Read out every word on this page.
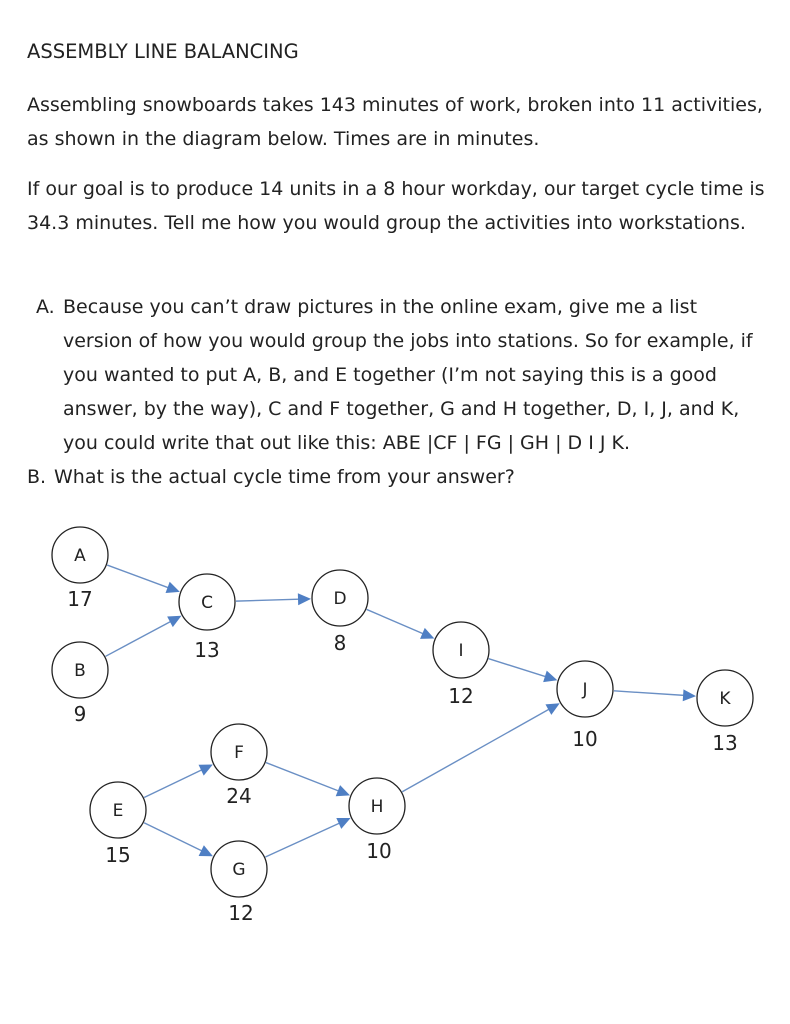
ASSEMBLY LINE BALANCING
Assembling snowboards takes 143 minutes of work, broken into 11 activities, as shown in the diagram below. Times are in minutes.
If our goal is to produce 14 units in a 8 hour workday, our target cycle time is 34.3 minutes. Tell me how you would group the activities into workstations.
A. Because you can’t draw pictures in the online exam, give me a list version of how you would group the jobs into stations. So for example, if you wanted to put A, B, and E together (I’m not saying this is a good answer, by the way), C and F together, G and H together, D, I, J, and K, you could write that out like this: ABE |CF | FG | GH | D I J K.
B. What is the actual cycle time from your answer?
A
17
B
9
C
13
D
8
E
15
F
24
G
12
H
10
I
12	J
10
K
13
